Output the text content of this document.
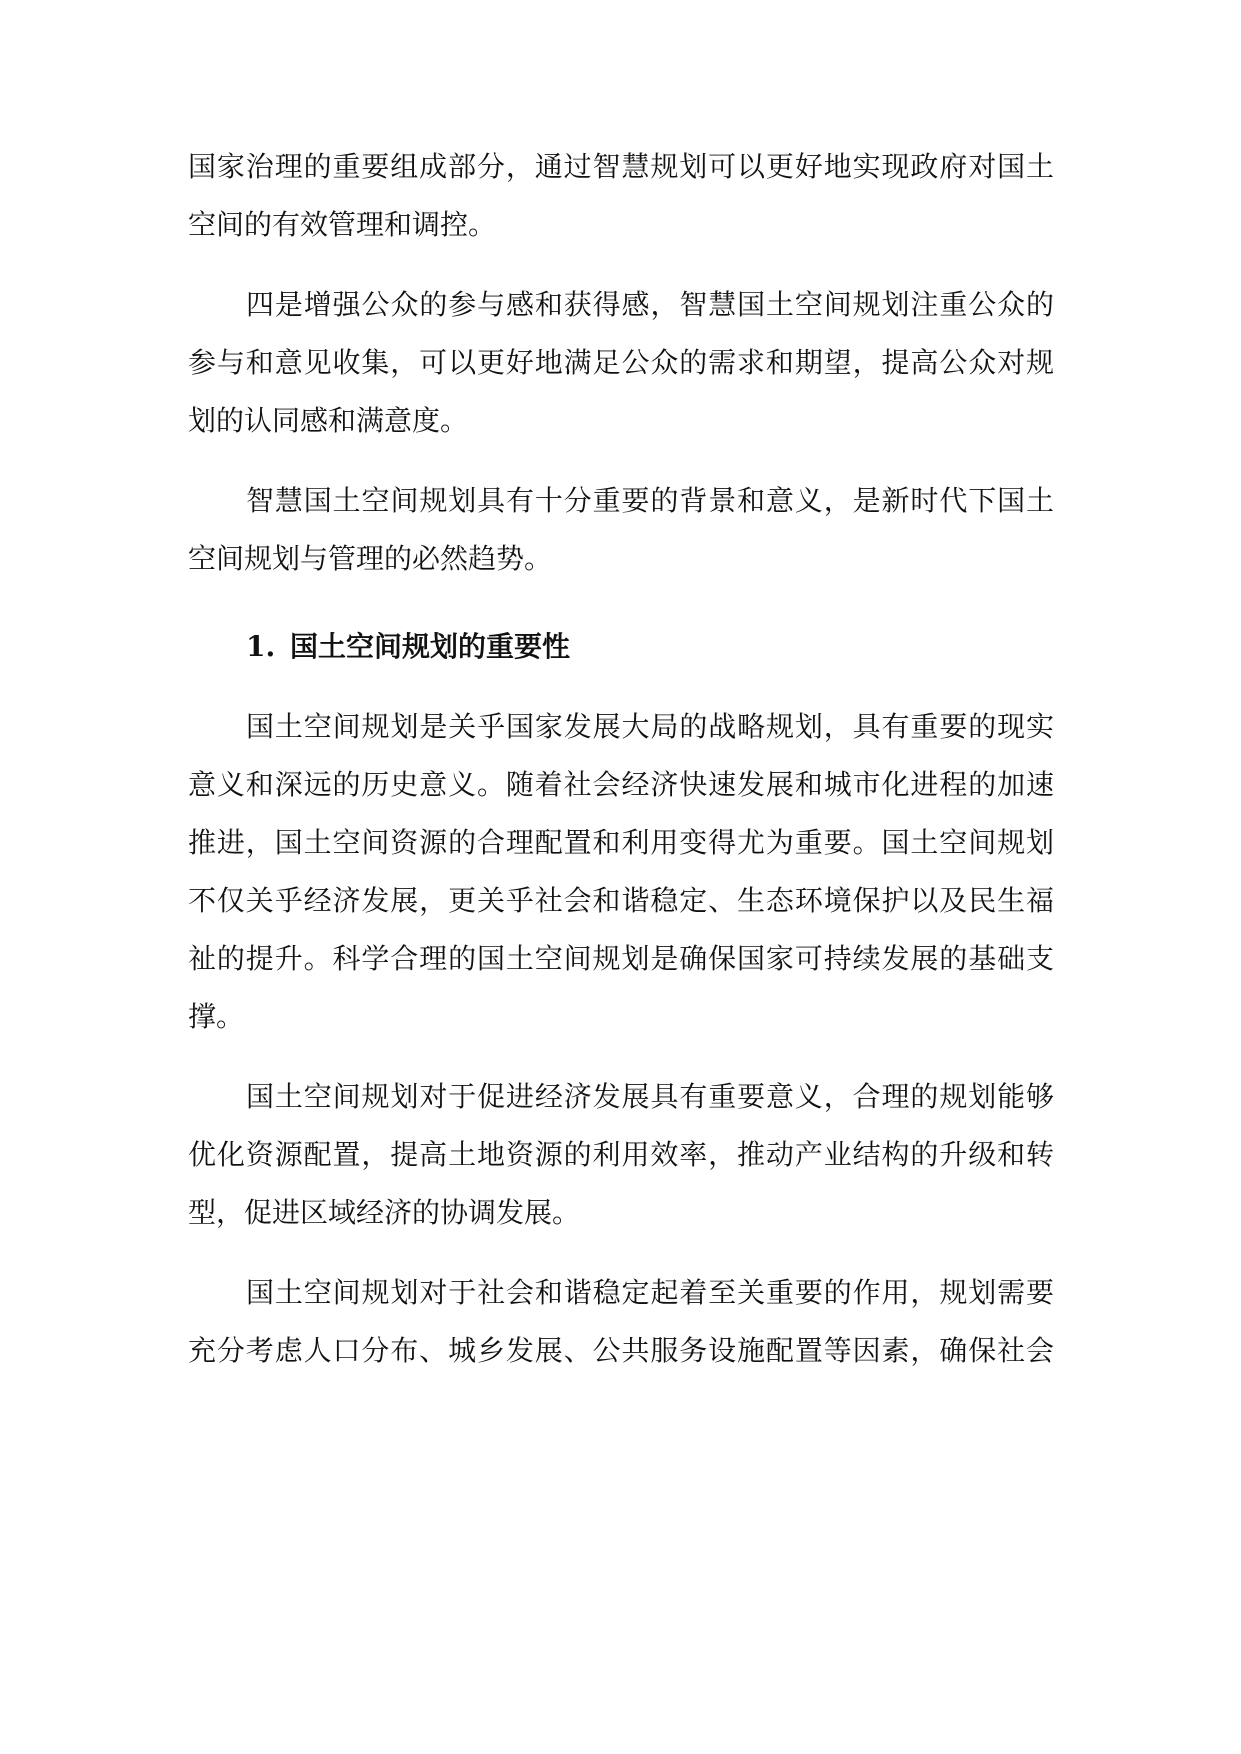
国家治理的重要组成部分，通过智慧规划可以更好地实现政府对国土
空间的有效管理和调控。
四是增强公众的参与感和获得感，智慧国土空间规划注重公众的
参与和意见收集，可以更好地满足公众的需求和期望，提高公众对规
划的认同感和满意度。
智慧国土空间规划具有十分重要的背景和意义，是新时代下国土
空间规划与管理的必然趋势。
1. 国土空间规划的重要性
国土空间规划是关乎国家发展大局的战略规划，具有重要的现实
意义和深远的历史意义。随着社会经济快速发展和城市化进程的加速
推进，国土空间资源的合理配置和利用变得尤为重要。国土空间规划
不仅关乎经济发展，更关乎社会和谐稳定、生态环境保护以及民生福
祉的提升。科学合理的国土空间规划是确保国家可持续发展的基础支
撑。
国土空间规划对于促进经济发展具有重要意义，合理的规划能够
优化资源配置，提高土地资源的利用效率，推动产业结构的升级和转
型，促进区域经济的协调发展。
国土空间规划对于社会和谐稳定起着至关重要的作用，规划需要
充分考虑人口分布、城乡发展、公共服务设施配置等因素，确保社会
